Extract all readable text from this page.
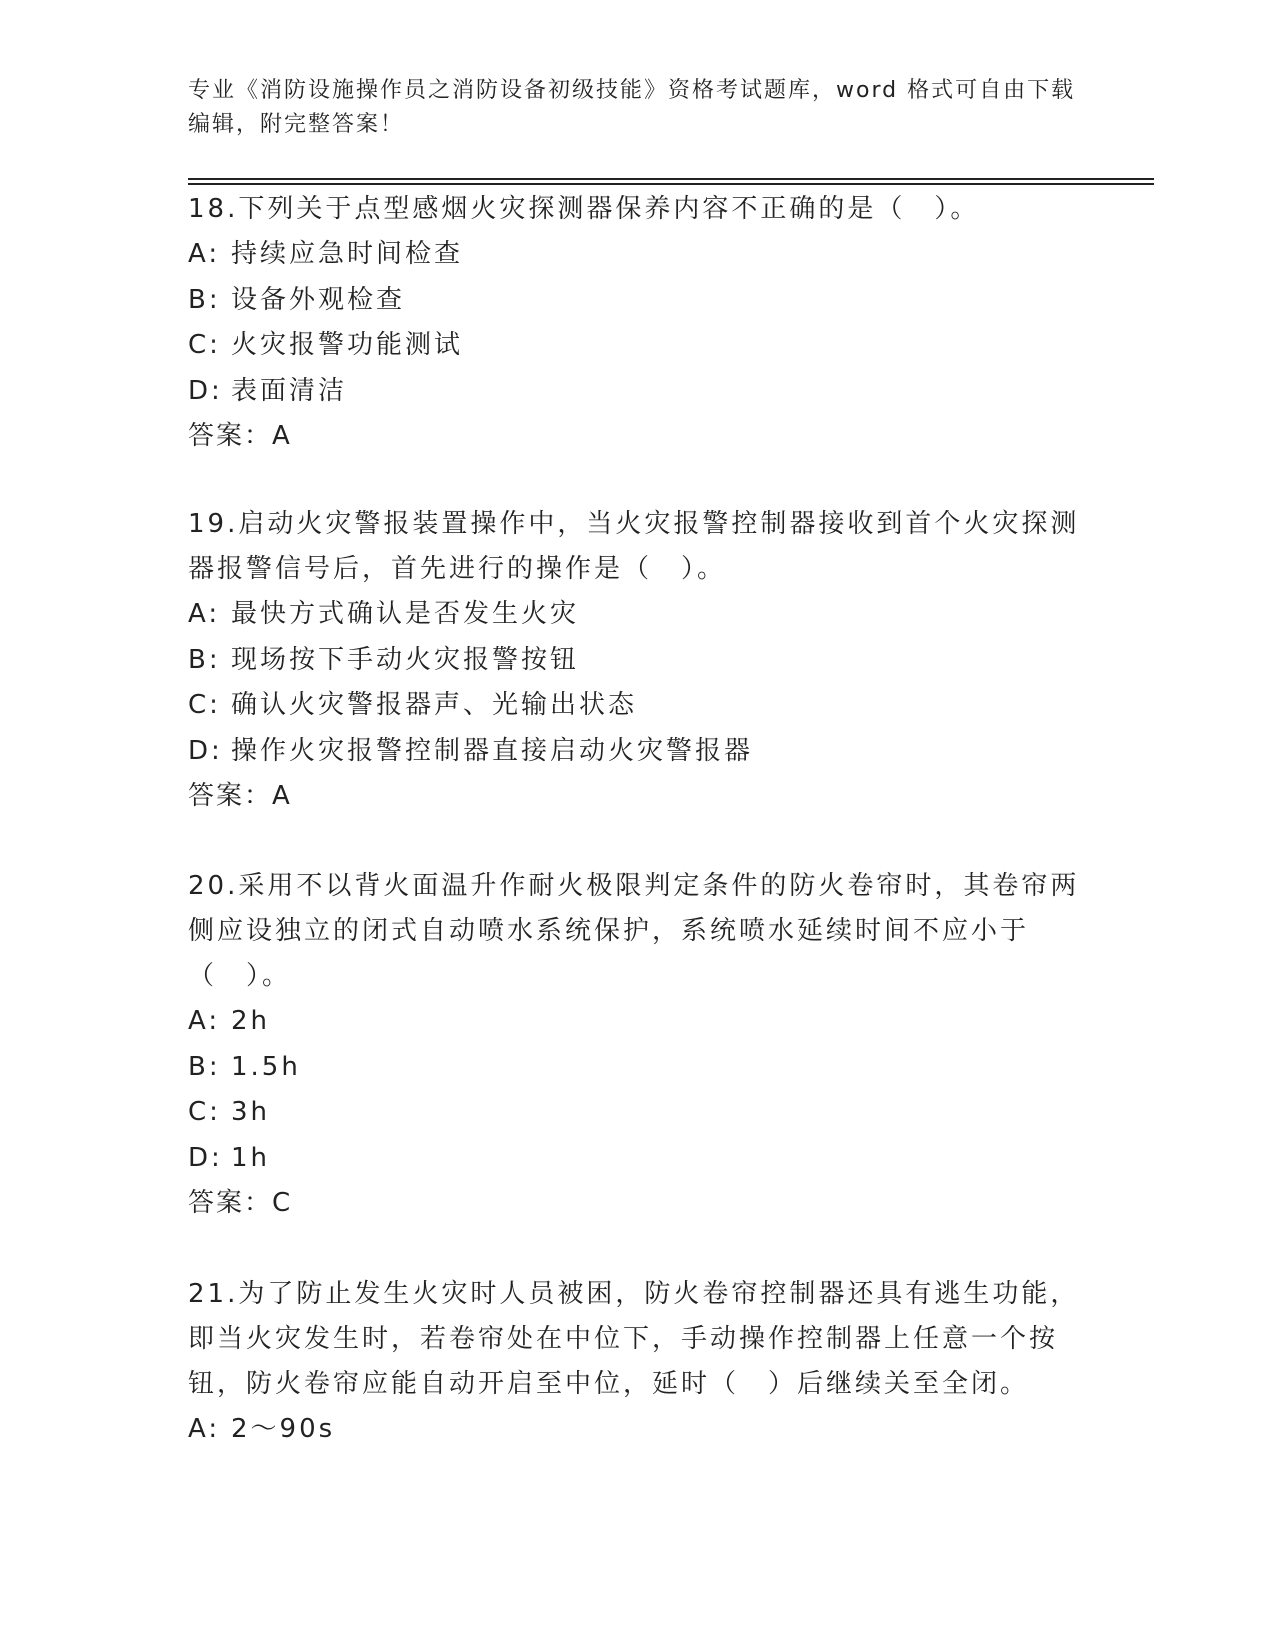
专业《消防设施操作员之消防设备初级技能》资格考试题库，word 格式可自由下载编辑，附完整答案！

18.下列关于点型感烟火灾探测器保养内容不正确的是（　）。

A: 持续应急时间检查

B: 设备外观检查

C: 火灾报警功能测试

D: 表面清洁

答案：A

19.启动火灾警报装置操作中，当火灾报警控制器接收到首个火灾探测器报警信号后，首先进行的操作是（　）。

A: 最快方式确认是否发生火灾

B: 现场按下手动火灾报警按钮

C: 确认火灾警报器声、光输出状态

D: 操作火灾报警控制器直接启动火灾警报器

答案：A

20.采用不以背火面温升作耐火极限判定条件的防火卷帘时，其卷帘两侧应设独立的闭式自动喷水系统保护，系统喷水延续时间不应小于（　）。

A: 2h

B: 1.5h

C: 3h

D: 1h

答案：C

21.为了防止发生火灾时人员被困，防火卷帘控制器还具有逃生功能，即当火灾发生时，若卷帘处在中位下，手动操作控制器上任意一个按钮，防火卷帘应能自动开启至中位，延时（　）后继续关至全闭。

A: 2～90s
